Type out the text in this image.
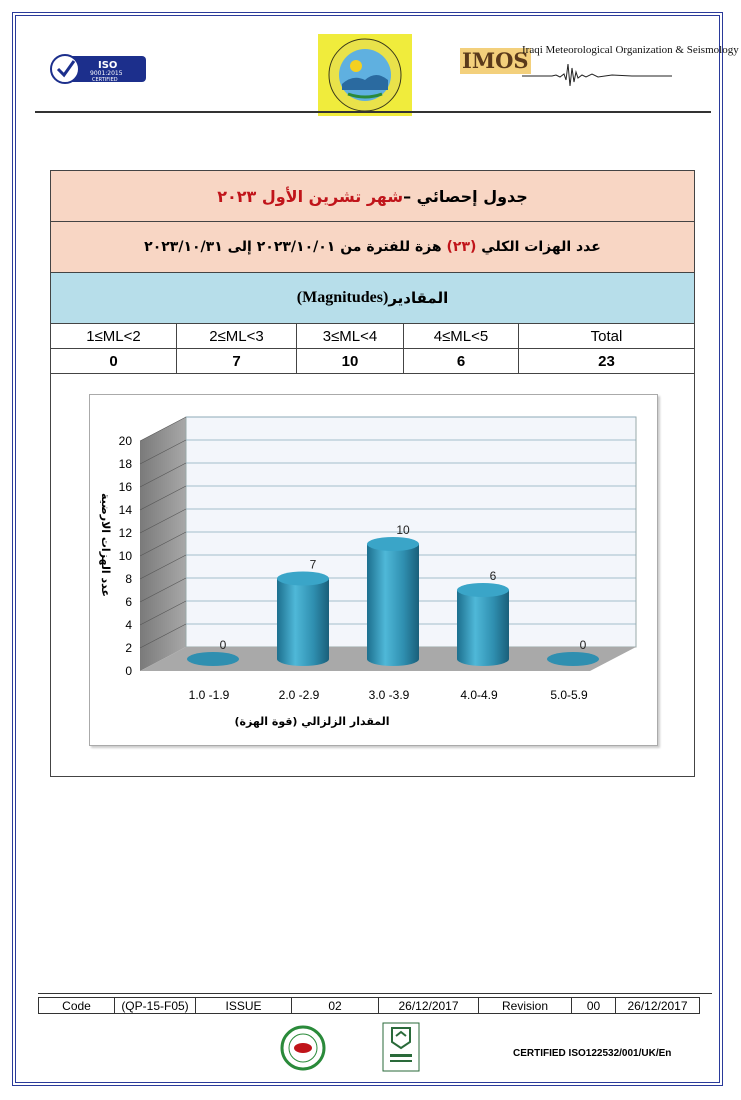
ISO
9001:2015
CERTIFIED
IMOS
Iraqi Meteorological Organization & Seismology
جدول إحصائي –
شهر تشرين الأول ٢٠٢٣
عدد الهزات الكلي

(٢٣)

هزة للفترة من ٢٠٢٣/١٠/٠١ إلى ٢٠٢٣/١٠/٣١
المقادير
(Magnitudes)
1≤ML<2	2≤ML<3	3≤ML<4	4≤ML<5	Total
0	7	10	6	23
0
2
4
6
8
10
12
14
16
18
20
0
1.0 -1.9
7
2.0 -2.9
10
3.0 -3.9
6
4.0-4.9
0
5.0-5.9
المقدار الزلزالي (قوة الهزة)
عدد الهزات الارضية
Code	(QP-15-F05)	ISSUE	02	26/12/2017	Revision	00	26/12/2017
CERTIFIED ISO122532/001/UK/En
